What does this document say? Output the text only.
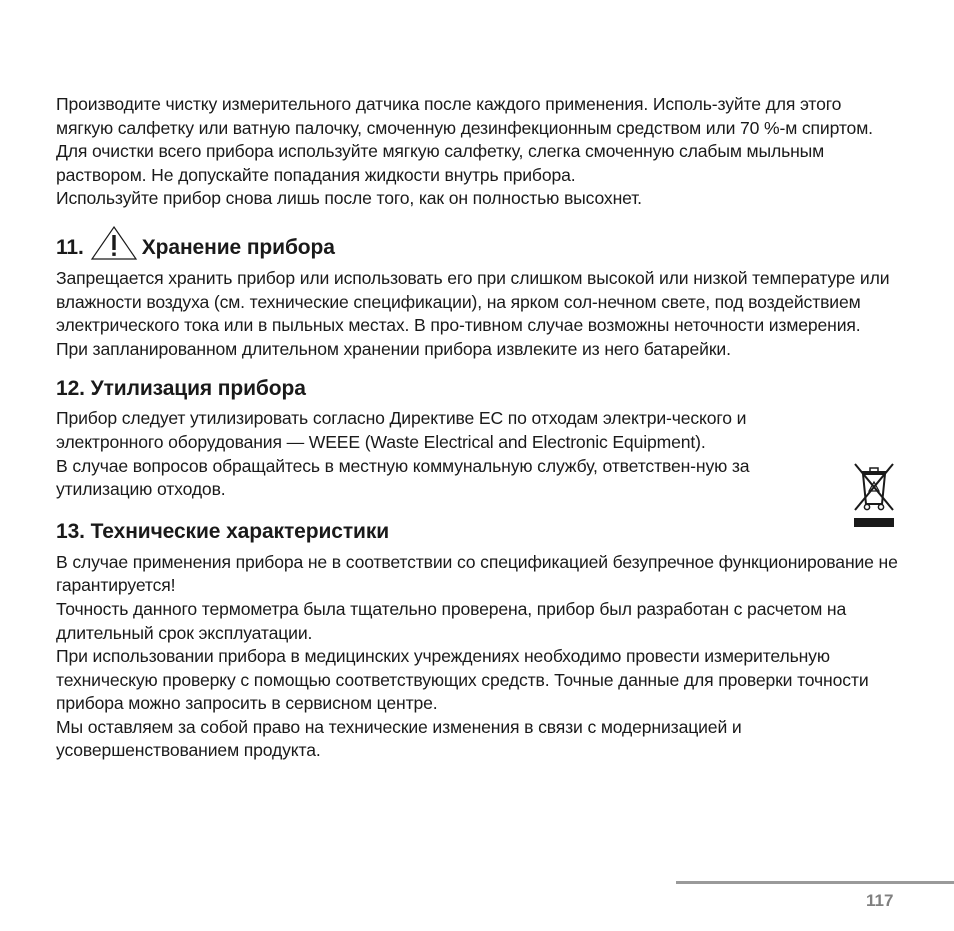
Производите чистку измерительного датчика после каждого применения. Исполь-зуйте для этого мягкую салфетку или ватную палочку, смоченную дезинфекционным средством или 70 %-м спиртом.

Для очистки всего прибора используйте мягкую салфетку, слегка смоченную слабым мыльным раствором. Не допускайте попадания жидкости внутрь прибора.

Используйте прибор снова лишь после того, как он полностью высохнет.

11.	Хранение прибора

Запрещается хранить прибор или использовать его при слишком высокой или низкой температуре или влажности воздуха (см. технические спецификации), на ярком сол-нечном свете, под воздействием электрического тока или в пыльных местах. В про-тивном случае возможны неточности измерения.

При запланированном длительном хранении прибора извлеките из него батарейки.

12. Утилизация прибора

Прибор следует утилизировать согласно Директиве ЕС по отходам электри-ческого и электронного оборудования — WEEE (Waste Electrical and Electronic Equipment).

В случае вопросов обращайтесь в местную коммунальную службу, ответствен-ную за утилизацию отходов.

13. Технические характеристики

В случае применения прибора не в соответствии со спецификацией безупречное функционирование не гарантируется!

Точность данного термометра была тщательно проверена, прибор был разработан с расчетом на длительный срок эксплуатации.

При использовании прибора в медицинских учреждениях необходимо провести измерительную техническую проверку с помощью соответствующих средств. Точные данные для проверки точности прибора можно запросить в сервисном центре.

Мы оставляем за собой право на технические изменения в связи с модернизацией и усовершенствованием продукта.

117
